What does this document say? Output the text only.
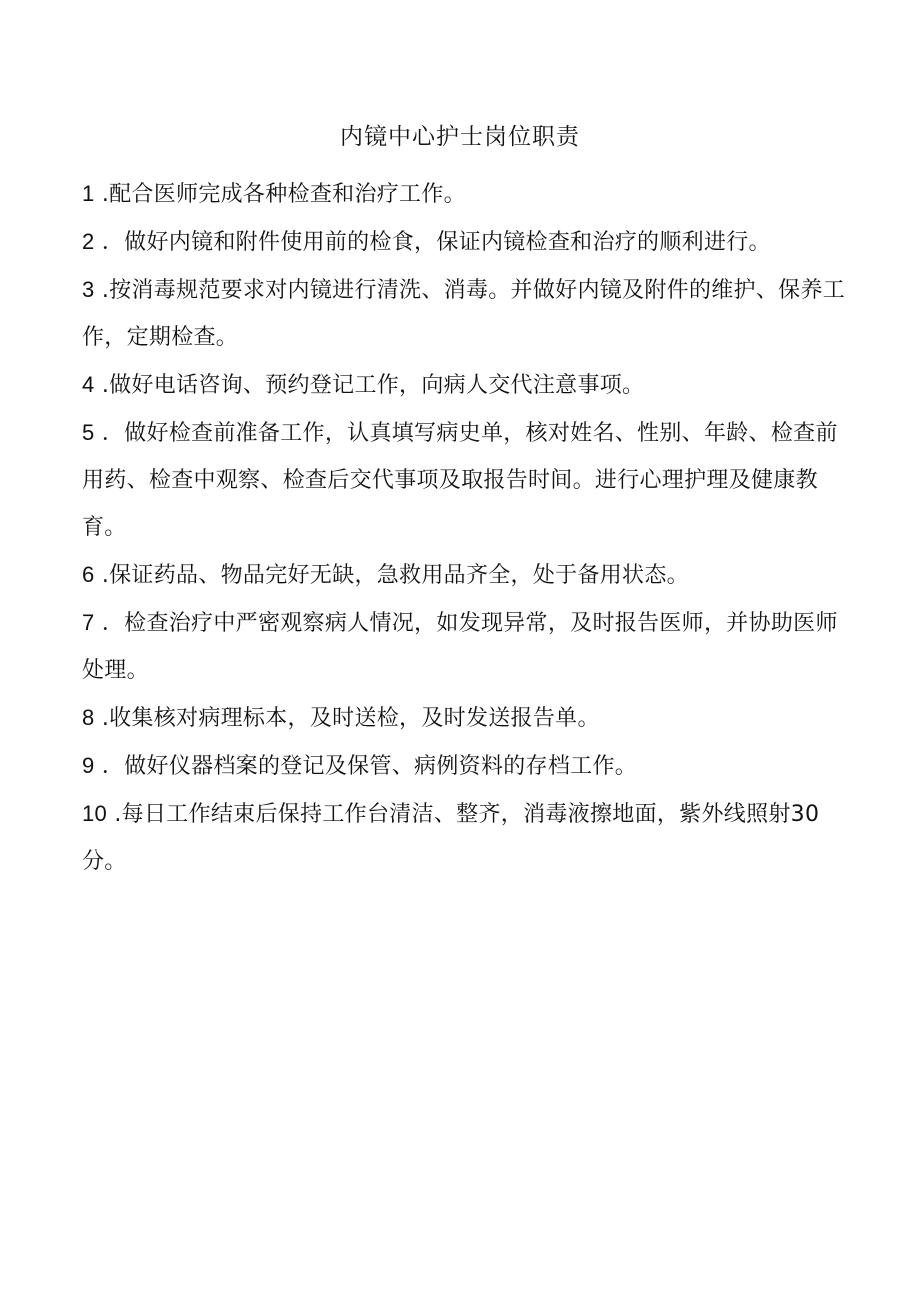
内镜中心护士岗位职责
1 .配合医师完成各种检查和治疗工作。
2 ．做好内镜和附件使用前的检食，保证内镜检查和治疗的顺利进行。
3 .按消毒规范要求对内镜进行清洗、消毒。并做好内镜及附件的维护、保养工作，定期检查。
4 .做好电话咨询、预约登记工作，向病人交代注意事项。
5 ．做好检查前准备工作，认真填写病史单，核对姓名、性别、年龄、检查前用药、检查中观察、检查后交代事项及取报告时间。进行心理护理及健康教育。
6 .保证药品、物品完好无缺，急救用品齐全，处于备用状态。
7 ．检查治疗中严密观察病人情况，如发现异常，及时报告医师，并协助医师处理。
8 .收集核对病理标本，及时送检，及时发送报告单。
9 ．做好仪器档案的登记及保管、病例资料的存档工作。
10 .每日工作结束后保持工作台清洁、整齐，消毒液擦地面，紫外线照射30分。
